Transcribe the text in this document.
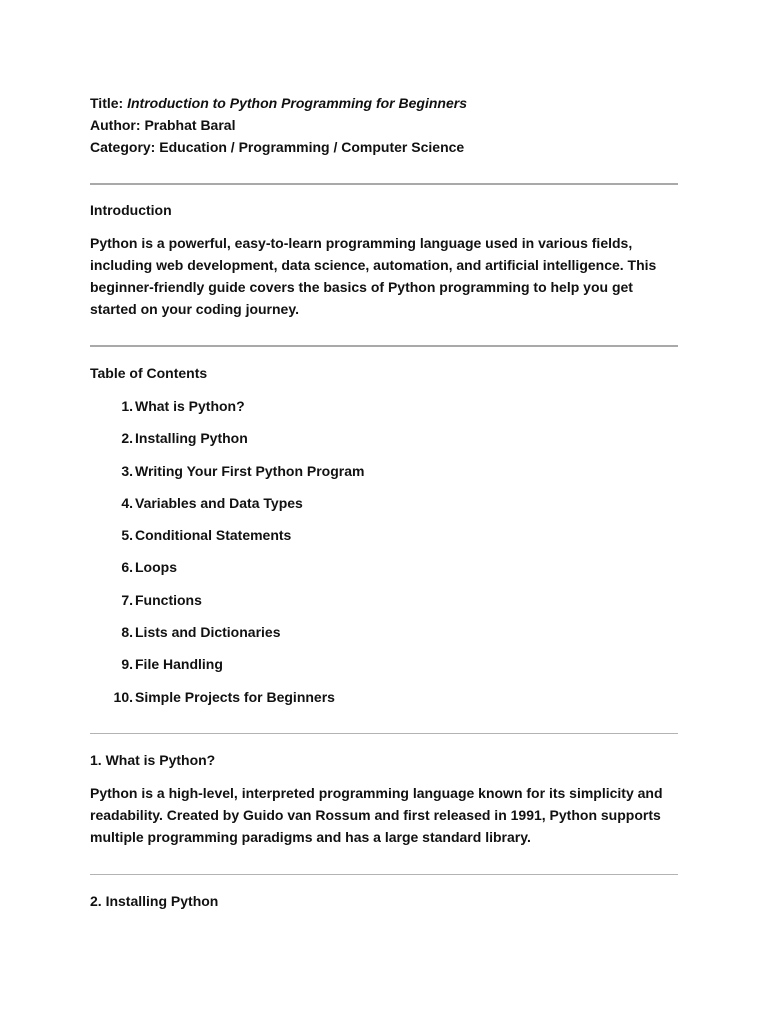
Title: Introduction to Python Programming for Beginners
Author: Prabhat Baral
Category: Education / Programming / Computer Science
Introduction
Python is a powerful, easy-to-learn programming language used in various fields, including web development, data science, automation, and artificial intelligence. This beginner-friendly guide covers the basics of Python programming to help you get started on your coding journey.
Table of Contents
1. What is Python?
2. Installing Python
3. Writing Your First Python Program
4. Variables and Data Types
5. Conditional Statements
6. Loops
7. Functions
8. Lists and Dictionaries
9. File Handling
10. Simple Projects for Beginners
1. What is Python?
Python is a high-level, interpreted programming language known for its simplicity and readability. Created by Guido van Rossum and first released in 1991, Python supports multiple programming paradigms and has a large standard library.
2. Installing Python
